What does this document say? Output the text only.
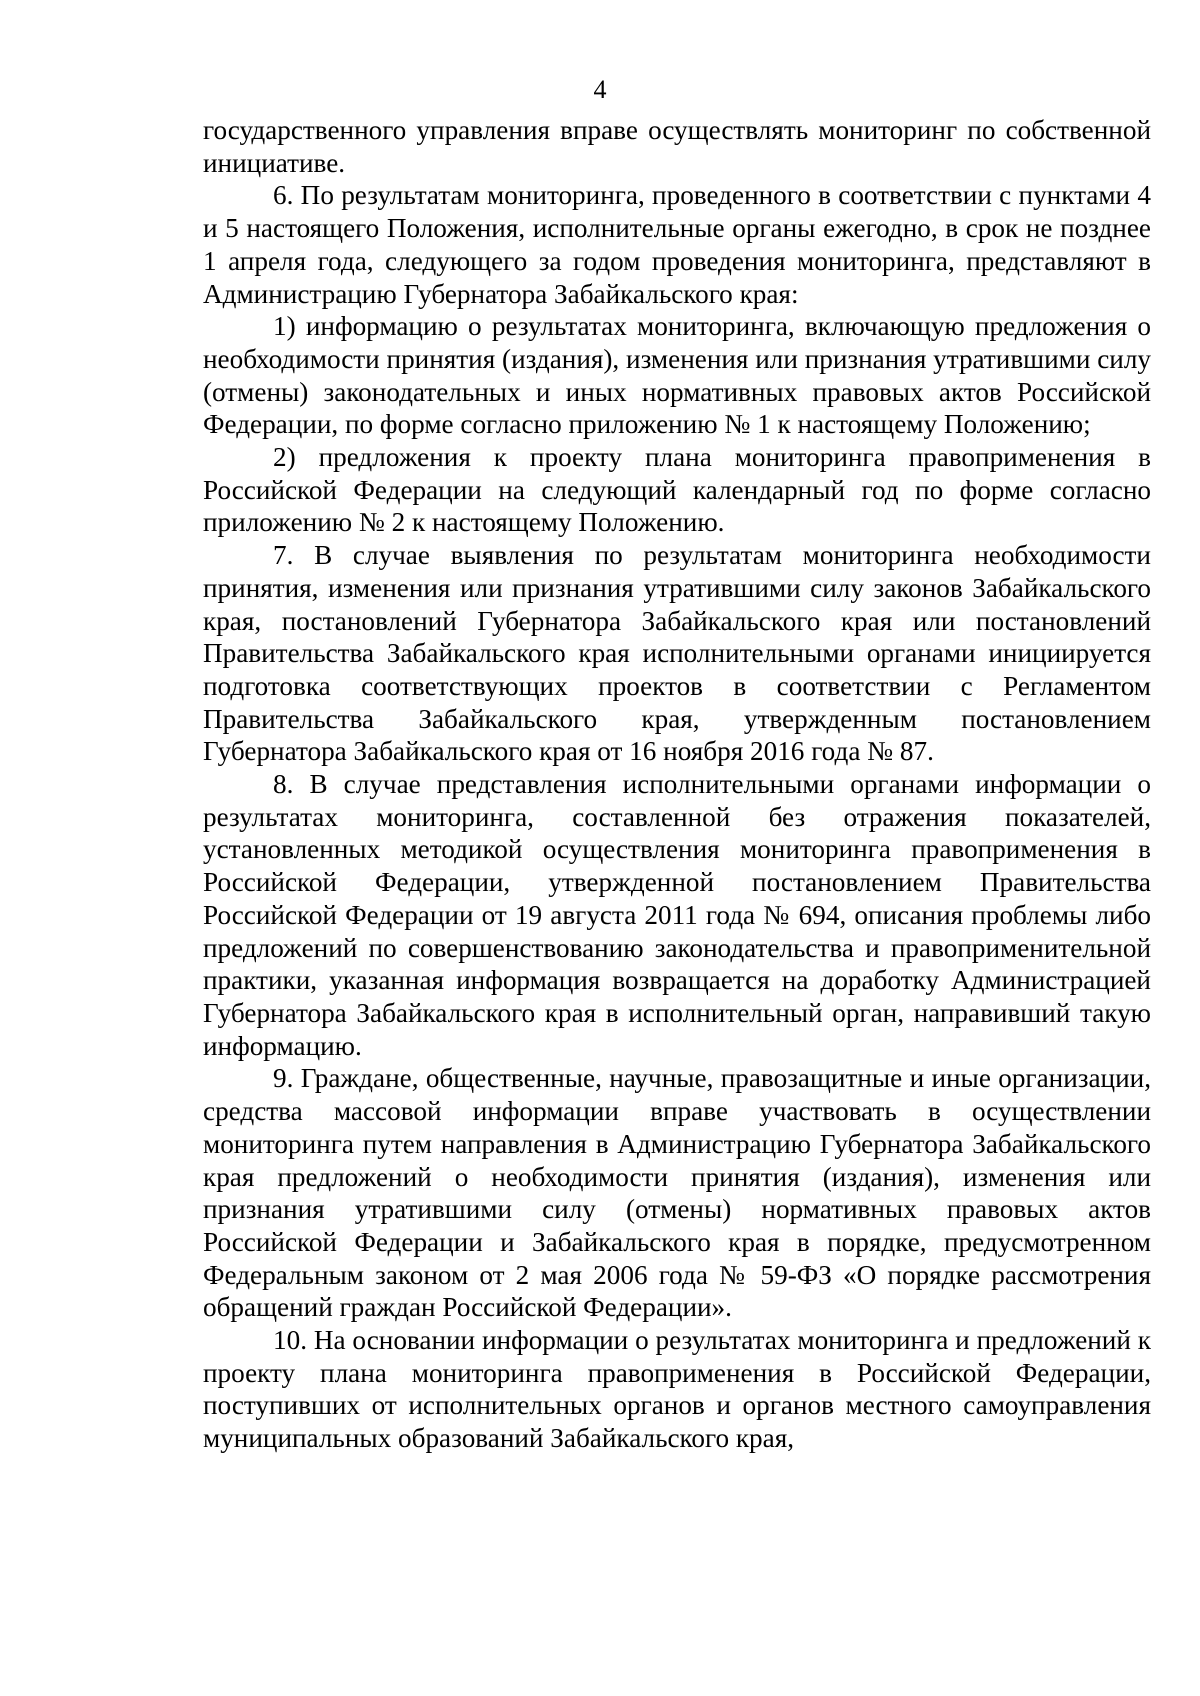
4

государственного управления вправе осуществлять мониторинг по собственной инициативе.

6. По результатам мониторинга, проведенного в соответствии с пунктами 4 и 5 настоящего Положения, исполнительные органы ежегодно, в срок не позднее 1 апреля года, следующего за годом проведения мониторинга, представляют в Администрацию Губернатора Забайкальского края:

1) информацию о результатах мониторинга, включающую предложения о необходимости принятия (издания), изменения или признания утратившими силу (отмены) законодательных и иных нормативных правовых актов Российской Федерации, по форме согласно приложению № 1 к настоящему Положению;

2) предложения к проекту плана мониторинга правоприменения в Российской Федерации на следующий календарный год по форме согласно приложению № 2 к настоящему Положению.

7. В случае выявления по результатам мониторинга необходимости принятия, изменения или признания утратившими силу законов Забайкальского края, постановлений Губернатора Забайкальского края или постановлений Правительства Забайкальского края исполнительными органами инициируется подготовка соответствующих проектов в соответствии с Регламентом Правительства Забайкальского края, утвержденным постановлением Губернатора Забайкальского края от 16 ноября 2016 года № 87.

8. В случае представления исполнительными органами информации о результатах мониторинга, составленной без отражения показателей, установленных методикой осуществления мониторинга правоприменения в Российской Федерации, утвержденной постановлением Правительства Российской Федерации от 19 августа 2011 года № 694, описания проблемы либо предложений по совершенствованию законодательства и правоприменительной практики, указанная информация возвращается на доработку Администрацией Губернатора Забайкальского края в исполнительный орган, направивший такую информацию.

9. Граждане, общественные, научные, правозащитные и иные организации, средства массовой информации вправе участвовать в осуществлении мониторинга путем направления в Администрацию Губернатора Забайкальского края предложений о необходимости принятия (издания), изменения или признания утратившими силу (отмены) нормативных правовых актов Российской Федерации и Забайкальского края в порядке, предусмотренном Федеральным законом от 2 мая 2006 года № 59-ФЗ «О порядке рассмотрения обращений граждан Российской Федерации».

10. На основании информации о результатах мониторинга и предложений к проекту плана мониторинга правоприменения в Российской Федерации, поступивших от исполнительных органов и органов местного самоуправления муниципальных образований Забайкальского края,
